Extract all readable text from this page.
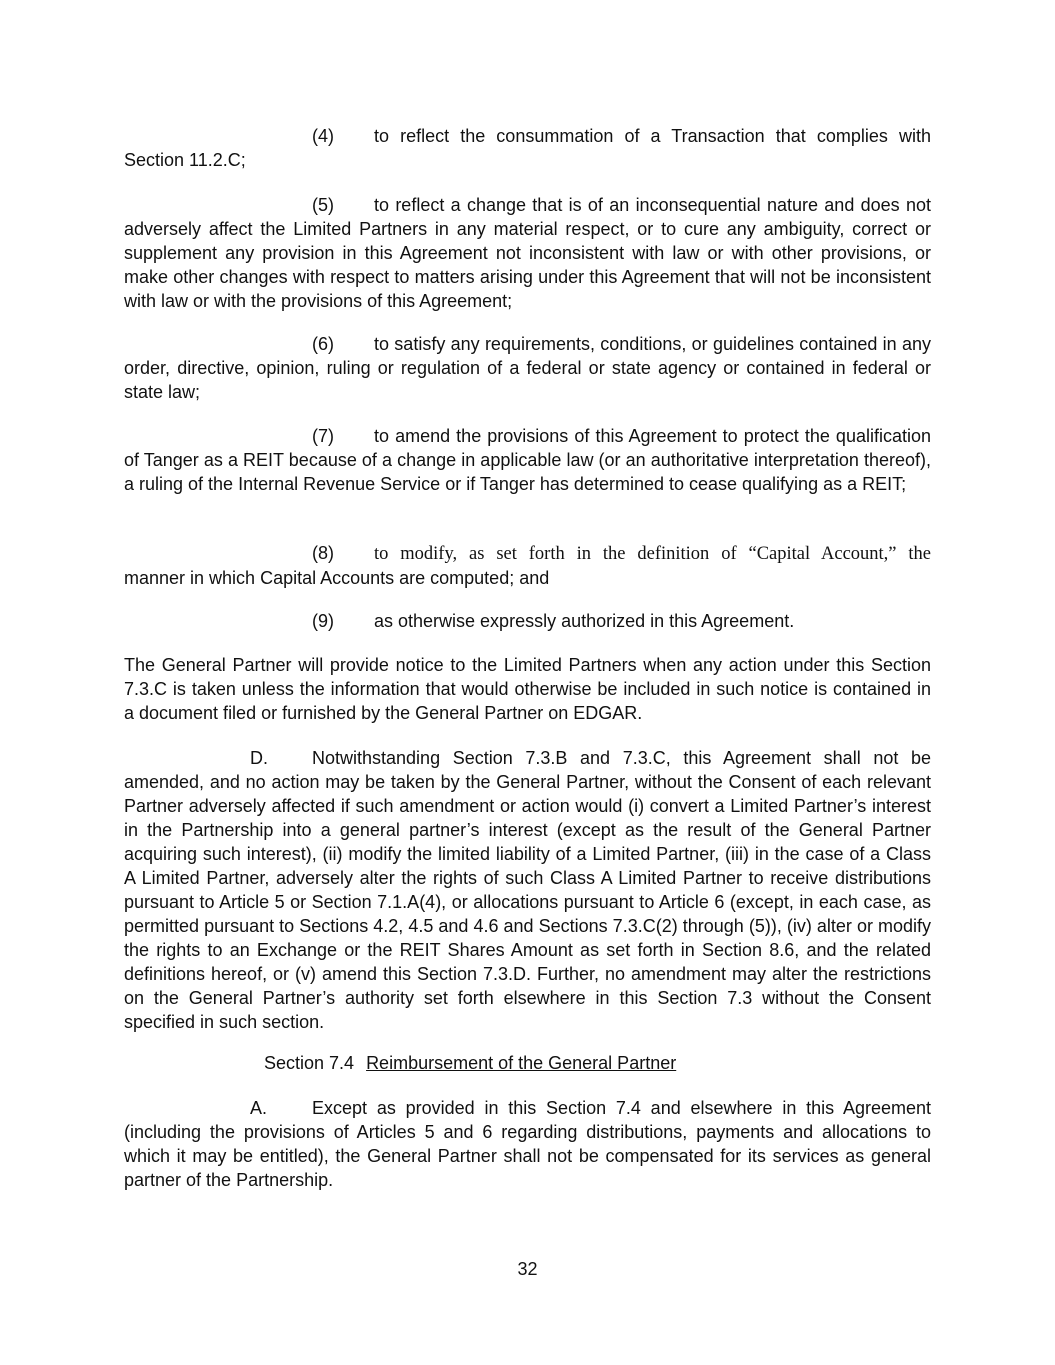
(4) to reflect the consummation of a Transaction that complies with
Section 11.2.C;

(5) to reflect a change that is of an inconsequential nature and does not adversely affect the Limited Partners in any material respect, or to cure any ambiguity, correct or supplement any provision in this Agreement not inconsistent with law or with other provisions, or make other changes with respect to matters arising under this Agreement that will not be inconsistent with law or with the provisions of this Agreement;

(6) to satisfy any requirements, conditions, or guidelines contained in any order, directive, opinion, ruling or regulation of a federal or state agency or contained in federal or state law;

(7) to amend the provisions of this Agreement to protect the qualification of Tanger as a REIT because of a change in applicable law (or an authoritative interpretation thereof), a ruling of the Internal Revenue Service or if Tanger has determined to cease qualifying as a REIT;

(8) to modify, as set forth in the definition of “Capital Account,” the
manner in which Capital Accounts are computed; and

(9) as otherwise expressly authorized in this Agreement.

The General Partner will provide notice to the Limited Partners when any action under this Section 7.3.C is taken unless the information that would otherwise be included in such notice is contained in a document filed or furnished by the General Partner on EDGAR.

D. Notwithstanding Section 7.3.B and 7.3.C, this Agreement shall not be amended, and no action may be taken by the General Partner, without the Consent of each relevant Partner adversely affected if such amendment or action would (i) convert a Limited Partner’s interest in the Partnership into a general partner’s interest (except as the result of the General Partner acquiring such interest), (ii) modify the limited liability of a Limited Partner, (iii) in the case of a Class A Limited Partner, adversely alter the rights of such Class A Limited Partner to receive distributions pursuant to Article 5 or Section 7.1.A(4), or allocations pursuant to Article 6 (except, in each case, as permitted pursuant to Sections 4.2, 4.5 and 4.6 and Sections 7.3.C(2) through (5)), (iv) alter or modify the rights to an Exchange or the REIT Shares Amount as set forth in Section 8.6, and the related definitions hereof, or (v) amend this Section 7.3.D. Further, no amendment may alter the restrictions on the General Partner’s authority set forth elsewhere in this Section 7.3 without the Consent specified in such section.

Section 7.4 Reimbursement of the General Partner

A. Except as provided in this Section 7.4 and elsewhere in this Agreement (including the provisions of Articles 5 and 6 regarding distributions, payments and allocations to which it may be entitled), the General Partner shall not be compensated for its services as general partner of the Partnership.

32
